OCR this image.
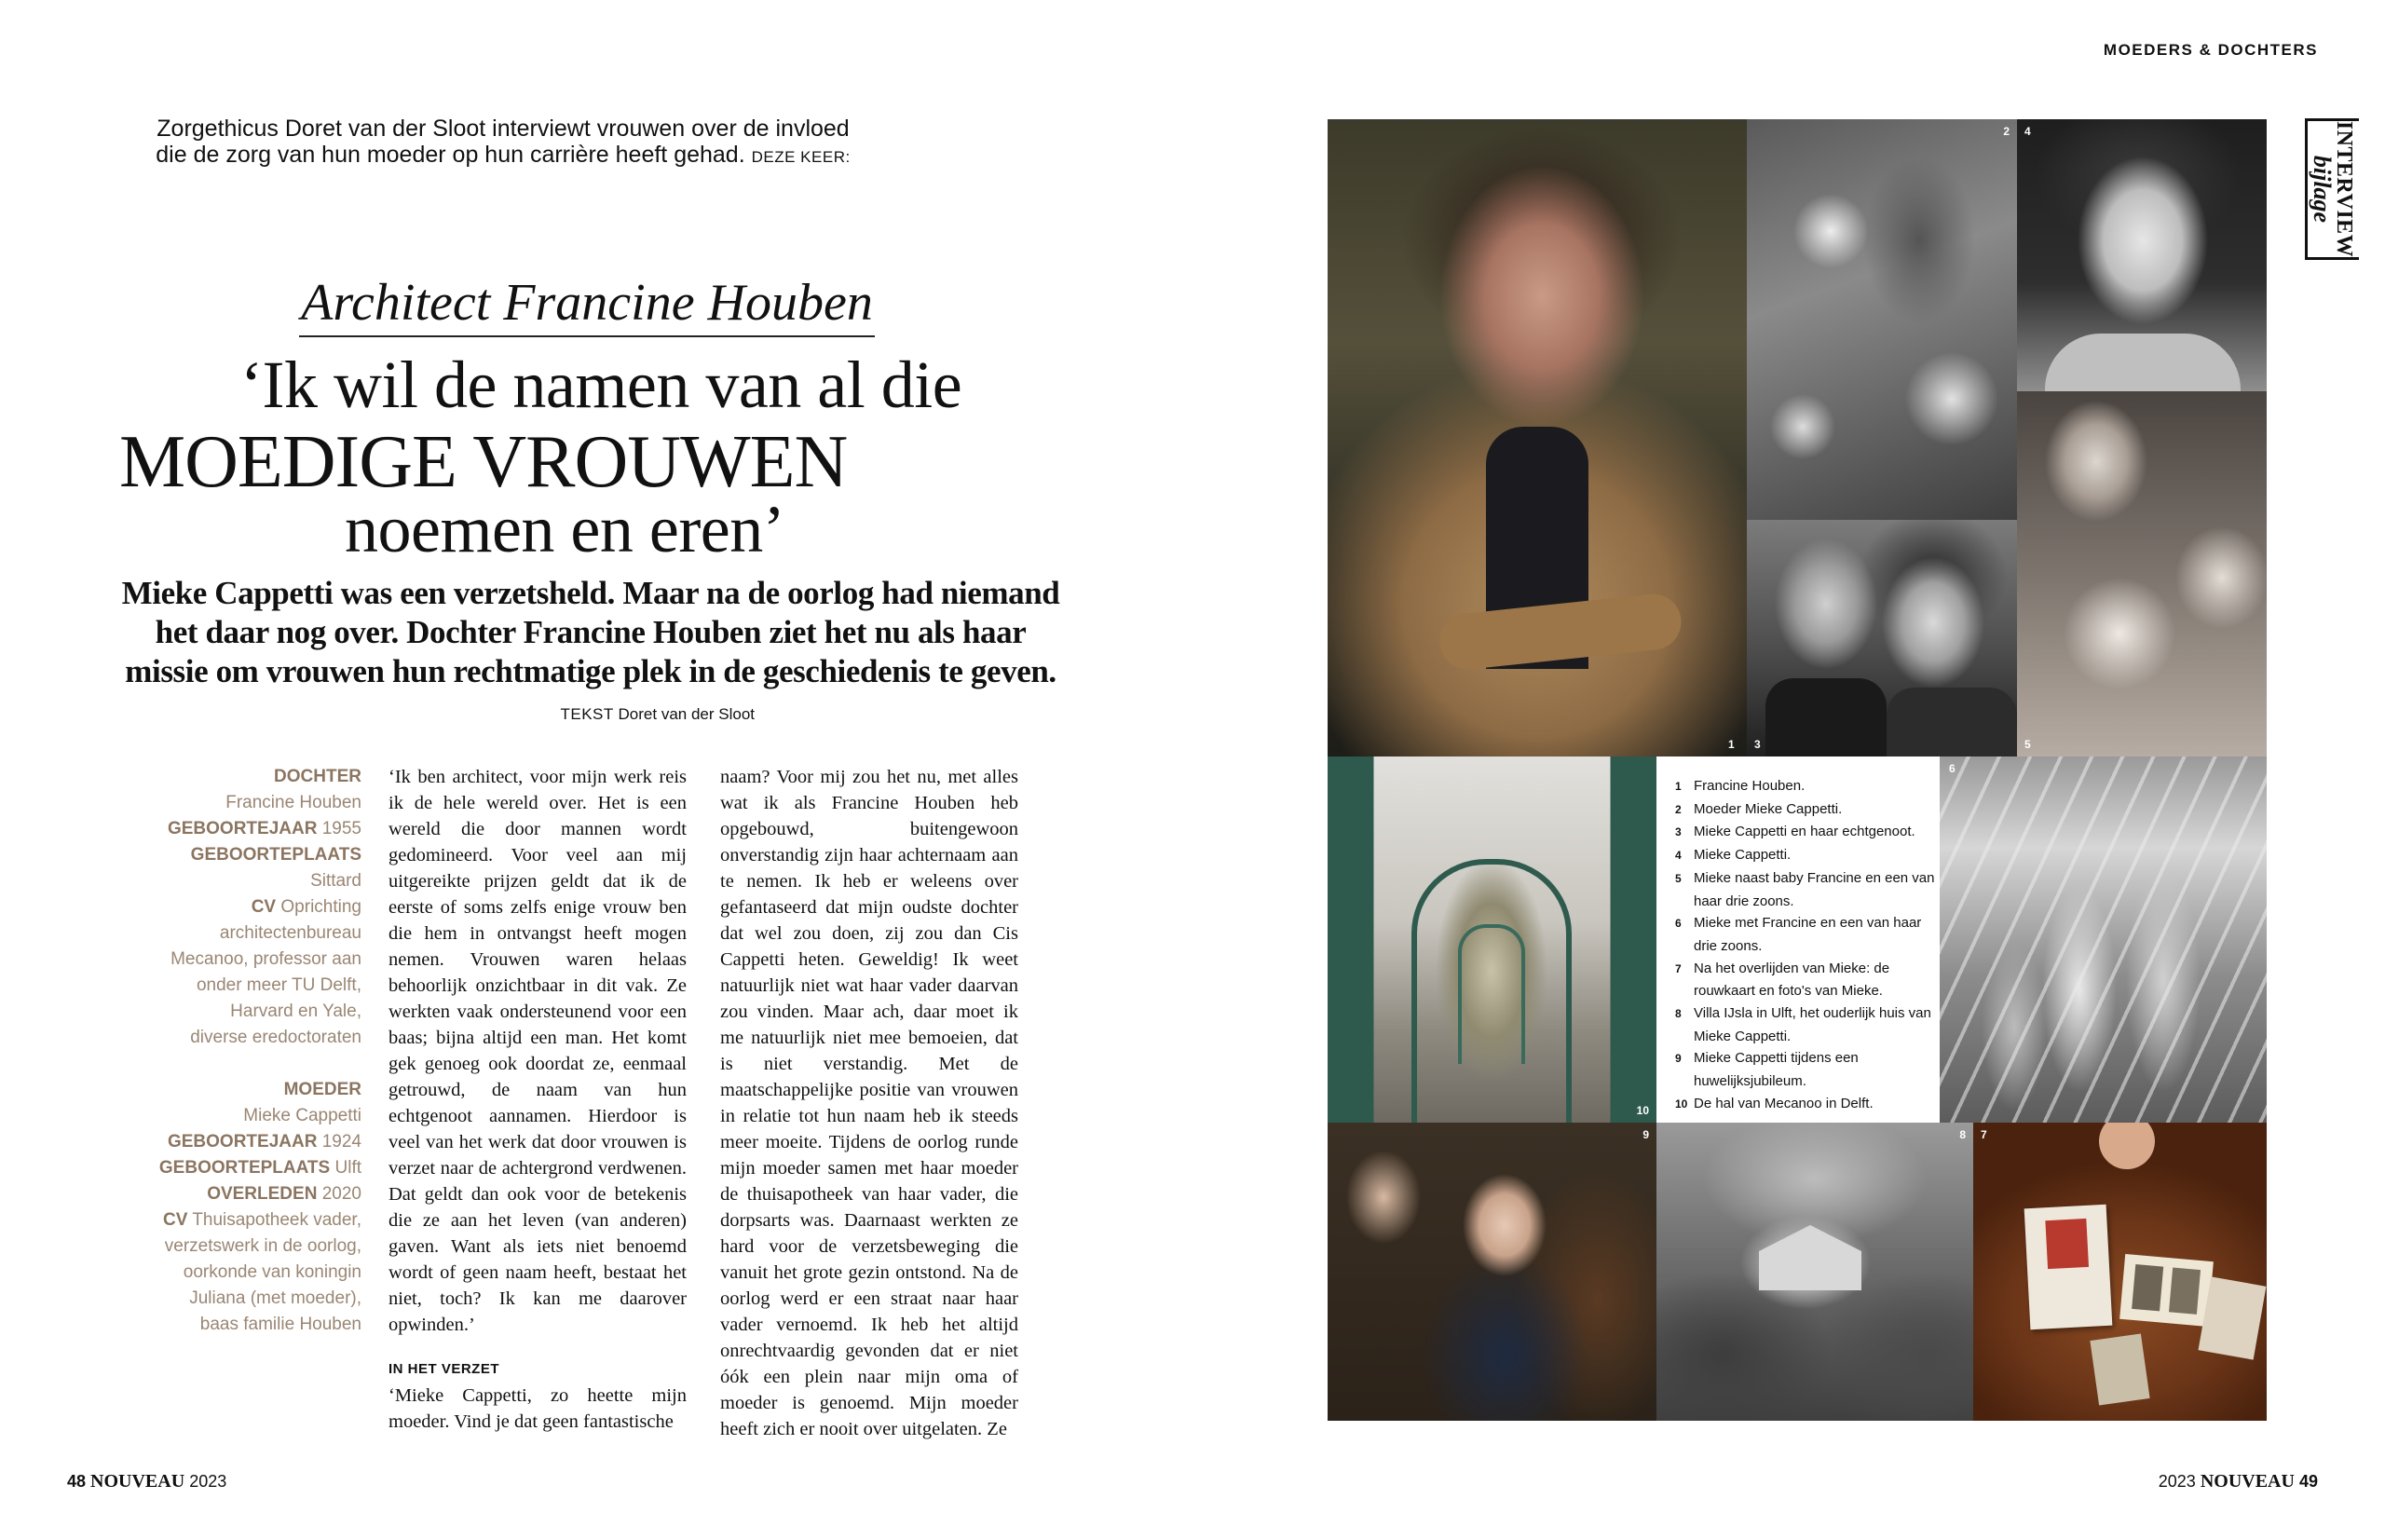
Zorgethicus Doret van der Sloot interviewt vrouwen over de invloed die de zorg van hun moeder op hun carrière heeft gehad. DEZE KEER:
Architect Francine Houben
‘Ik wil de namen van al die
MOEDIGE VROUWEN
noemen en eren’
Mieke Cappetti was een verzetsheld. Maar na de oorlog had niemand het daar nog over. Dochter Francine Houben ziet het nu als haar missie om vrouwen hun rechtmatige plek in de geschiedenis te geven.
TEKST Doret van der Sloot
DOCHTER
Francine Houben
GEBOORTEJAAR 1955
GEBOORTEPLAATS
Sittard
CV Oprichting
architectenbureau
Mecanoo, professor aan
onder meer TU Delft,
Harvard en Yale,
diverse eredoctoraten
MOEDER
Mieke Cappetti
GEBOORTEJAAR 1924
GEBOORTEPLAATS Ulft
OVERLEDEN 2020
CV Thuisapotheek vader,
verzetswerk in de oorlog,
oorkonde van koningin
Juliana (met moeder),
baas familie Houben

‘Ik ben architect, voor mijn werk reis ik de hele wereld over. Het is een wereld die door mannen wordt gedomineerd. Voor veel aan mij uitgereikte prijzen geldt dat ik de eerste of soms zelfs enige vrouw ben die hem in ontvangst heeft mogen nemen. Vrouwen waren helaas behoorlijk onzichtbaar in dit vak. Ze werkten vaak ondersteunend voor een baas; bijna altijd een man. Het komt gek genoeg ook doordat ze, eenmaal getrouwd, de naam van hun echtgenoot aannamen. Hierdoor is veel van het werk dat door vrouwen is verzet naar de achtergrond verdwenen. Dat geldt dan ook voor de betekenis die ze aan het leven (van anderen) gaven. Want als iets niet benoemd wordt of geen naam heeft, bestaat het niet, toch? Ik kan me daarover opwinden.’

IN HET VERZET

‘Mieke Cappetti, zo heette mijn moeder. Vind je dat geen fantastische

naam? Voor mij zou het nu, met alles wat ik als Francine Houben heb opgebouwd, buitengewoon onverstandig zijn haar achternaam aan te nemen. Ik heb er weleens over gefantaseerd dat mijn oudste dochter dat wel zou doen, zij zou dan Cis Cappetti heten. Geweldig! Ik weet natuurlijk niet wat haar vader daarvan zou vinden. Maar ach, daar moet ik me natuurlijk niet mee bemoeien, dat is niet verstandig. Met de maatschappelijke positie van vrouwen in relatie tot hun naam heb ik steeds meer moeite. Tijdens de oorlog runde mijn moeder samen met haar moeder de thuisapotheek van haar vader, die dorpsarts was. Daarnaast werkten ze hard voor de verzetsbeweging die vanuit het grote gezin ontstond. Na de oorlog werd er een straat naar haar vader vernoemd. Ik heb het altijd onrechtvaardig gevonden dat er niet óók een plein naar mijn oma of moeder is genoemd. Mijn moeder heeft zich er nooit over uitgelaten. Ze

48 NOUVEAU 2023
MOEDERS & DOCHTERS
INTERVIEW
bijlage
1
2
3
4
5
10
1 Francine Houben.
2 Moeder Mieke Cappetti.
3 Mieke Cappetti en haar echtgenoot.
4 Mieke Cappetti.
5 Mieke naast baby Francine en een van haar drie zoons.
6 Mieke met Francine en een van haar drie zoons.
7 Na het overlijden van Mieke: de rouwkaart en foto's van Mieke.
8 Villa IJsla in Ulft, het ouderlijk huis van Mieke Cappetti.
9 Mieke Cappetti tijdens een huwelijksjubileum.
10 De hal van Mecanoo in Delft.
6
9	8 7
2023 NOUVEAU 49
